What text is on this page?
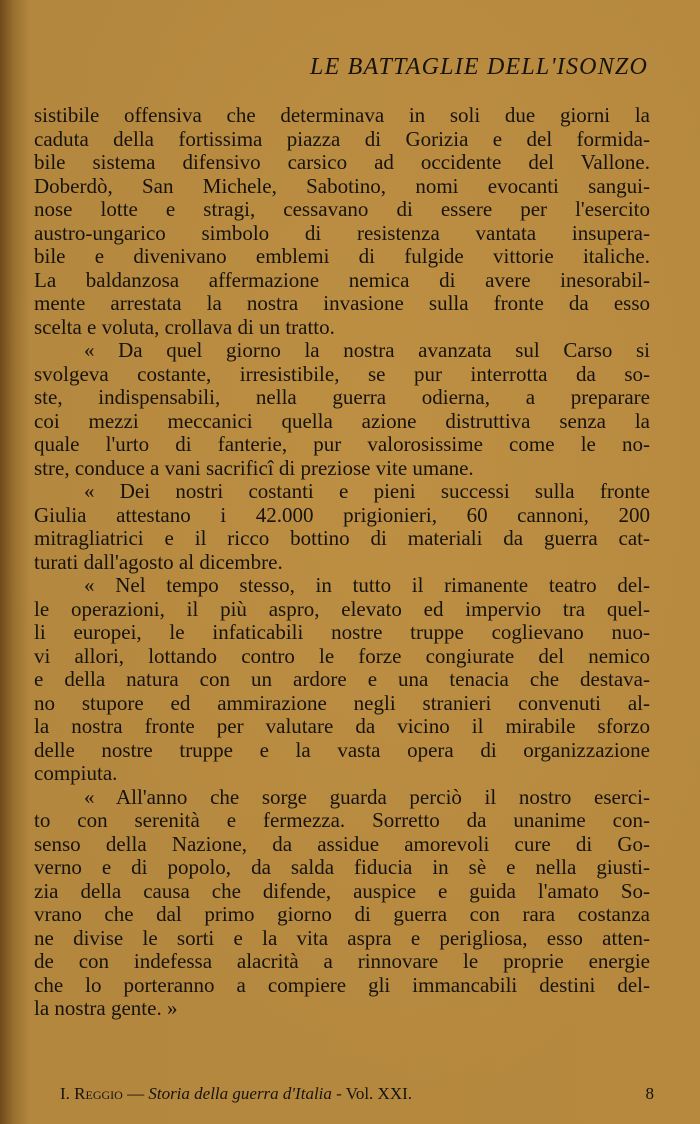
LE BATTAGLIE DELL'ISONZO
sistibile offensiva che determinava in soli due giorni la
caduta della fortissima piazza di Gorizia e del formida-
bile sistema difensivo carsico ad occidente del Vallone.
Doberdò, San Michele, Sabotino, nomi evocanti sangui-
nose lotte e stragi, cessavano di essere per l'esercito
austro-ungarico simbolo di resistenza vantata insupera-
bile e divenivano emblemi di fulgide vittorie italiche.
La baldanzosa affermazione nemica di avere inesorabil-
mente arrestata la nostra invasione sulla fronte da esso
scelta e voluta, crollava di un tratto.
« Da quel giorno la nostra avanzata sul Carso si
svolgeva costante, irresistibile, se pur interrotta da so-
ste, indispensabili, nella guerra odierna, a preparare
coi mezzi meccanici quella azione distruttiva senza la
quale l'urto di fanterie, pur valorosissime come le no-
stre, conduce a vani sacrificî di preziose vite umane.
« Dei nostri costanti e pieni successi sulla fronte
Giulia attestano i 42.000 prigionieri, 60 cannoni, 200
mitragliatrici e il ricco bottino di materiali da guerra cat-
turati dall'agosto al dicembre.
« Nel tempo stesso, in tutto il rimanente teatro del-
le operazioni, il più aspro, elevato ed impervio tra quel-
li europei, le infaticabili nostre truppe coglievano nuo-
vi allori, lottando contro le forze congiurate del nemico
e della natura con un ardore e una tenacia che destava-
no stupore ed ammirazione negli stranieri convenuti al-
la nostra fronte per valutare da vicino il mirabile sforzo
delle nostre truppe e la vasta opera di organizzazione
compiuta.
« All'anno che sorge guarda perciò il nostro eserci-
to con serenità e fermezza. Sorretto da unanime con-
senso della Nazione, da assidue amorevoli cure di Go-
verno e di popolo, da salda fiducia in sè e nella giusti-
zia della causa che difende, auspice e guida l'amato So-
vrano che dal primo giorno di guerra con rara costanza
ne divise le sorti e la vita aspra e perigliosa, esso atten-
de con indefessa alacrità a rinnovare le proprie energie
che lo porteranno a compiere gli immancabili destini del-
la nostra gente. »
I. Reggio — Storia della guerra d'Italia - Vol. XXI.	8
